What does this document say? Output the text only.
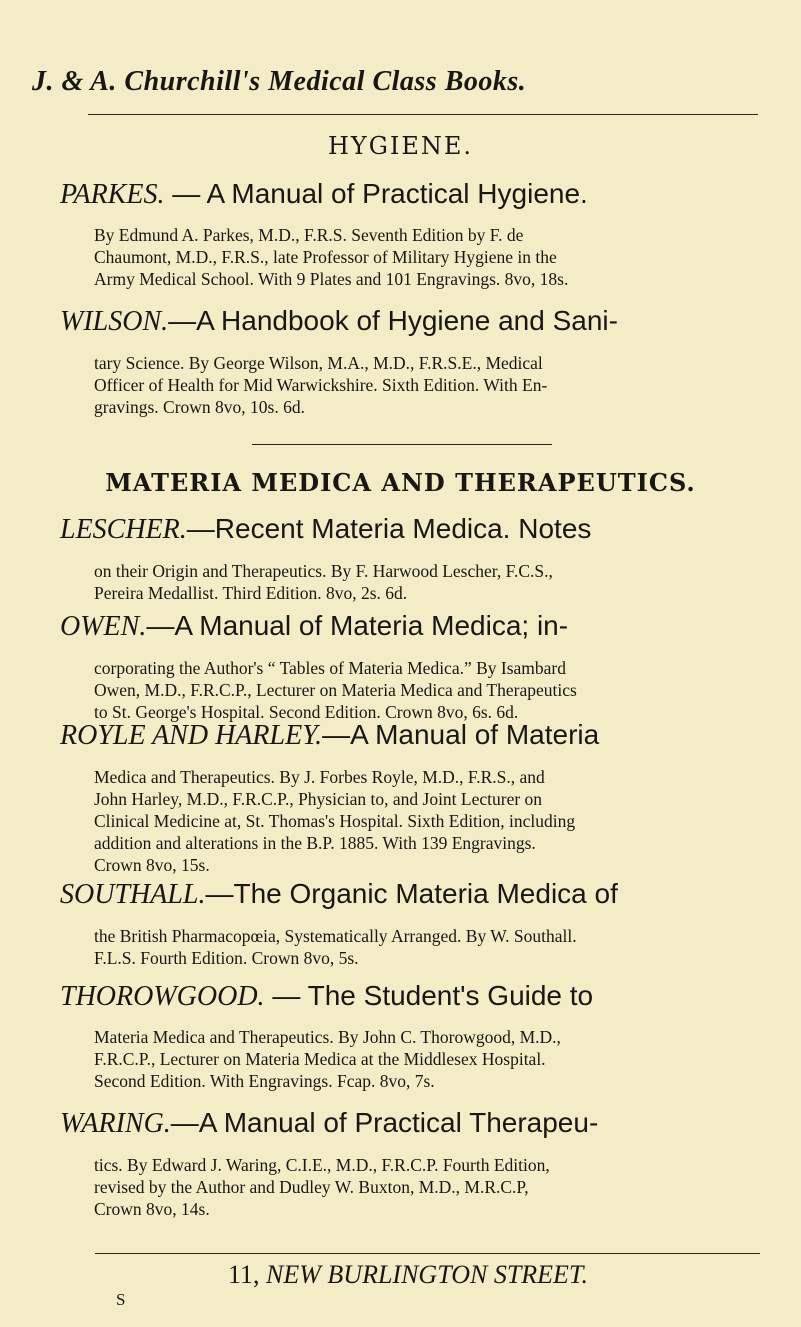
J. & A. Churchill's Medical Class Books.
HYGIENE.
PARKES. — A Manual of Practical Hygiene.
By Edmund A. Parkes, M.D., F.R.S. Seventh Edition by F. de
Chaumont, M.D., F.R.S., late Professor of Military Hygiene in the
Army Medical School. With 9 Plates and 101 Engravings. 8vo, 18s.
WILSON.—A Handbook of Hygiene and Sani-
tary Science. By George Wilson, M.A., M.D., F.R.S.E., Medical
Officer of Health for Mid Warwickshire. Sixth Edition. With En-
gravings. Crown 8vo, 10s. 6d.
MATERIA MEDICA AND THERAPEUTICS.
LESCHER.—Recent Materia Medica. Notes
on their Origin and Therapeutics. By F. Harwood Lescher, F.C.S.,
Pereira Medallist. Third Edition. 8vo, 2s. 6d.
OWEN.—A Manual of Materia Medica; in-
corporating the Author's “ Tables of Materia Medica.” By Isambard
Owen, M.D., F.R.C.P., Lecturer on Materia Medica and Therapeutics
to St. George's Hospital. Second Edition. Crown 8vo, 6s. 6d.
ROYLE AND HARLEY.—A Manual of Materia
Medica and Therapeutics. By J. Forbes Royle, M.D., F.R.S., and
John Harley, M.D., F.R.C.P., Physician to, and Joint Lecturer on
Clinical Medicine at, St. Thomas's Hospital. Sixth Edition, including
addition and alterations in the B.P. 1885. With 139 Engravings.
Crown 8vo, 15s.
SOUTHALL.—The Organic Materia Medica of
the British Pharmacopœia, Systematically Arranged. By W. Southall.
F.L.S. Fourth Edition. Crown 8vo, 5s.
THOROWGOOD. — The Student's Guide to
Materia Medica and Therapeutics. By John C. Thorowgood, M.D.,
F.R.C.P., Lecturer on Materia Medica at the Middlesex Hospital.
Second Edition. With Engravings. Fcap. 8vo, 7s.
WARING.—A Manual of Practical Therapeu-
tics. By Edward J. Waring, C.I.E., M.D., F.R.C.P. Fourth Edition,
revised by the Author and Dudley W. Buxton, M.D., M.R.C.P,
Crown 8vo, 14s.
11, NEW BURLINGTON STREET.
S
